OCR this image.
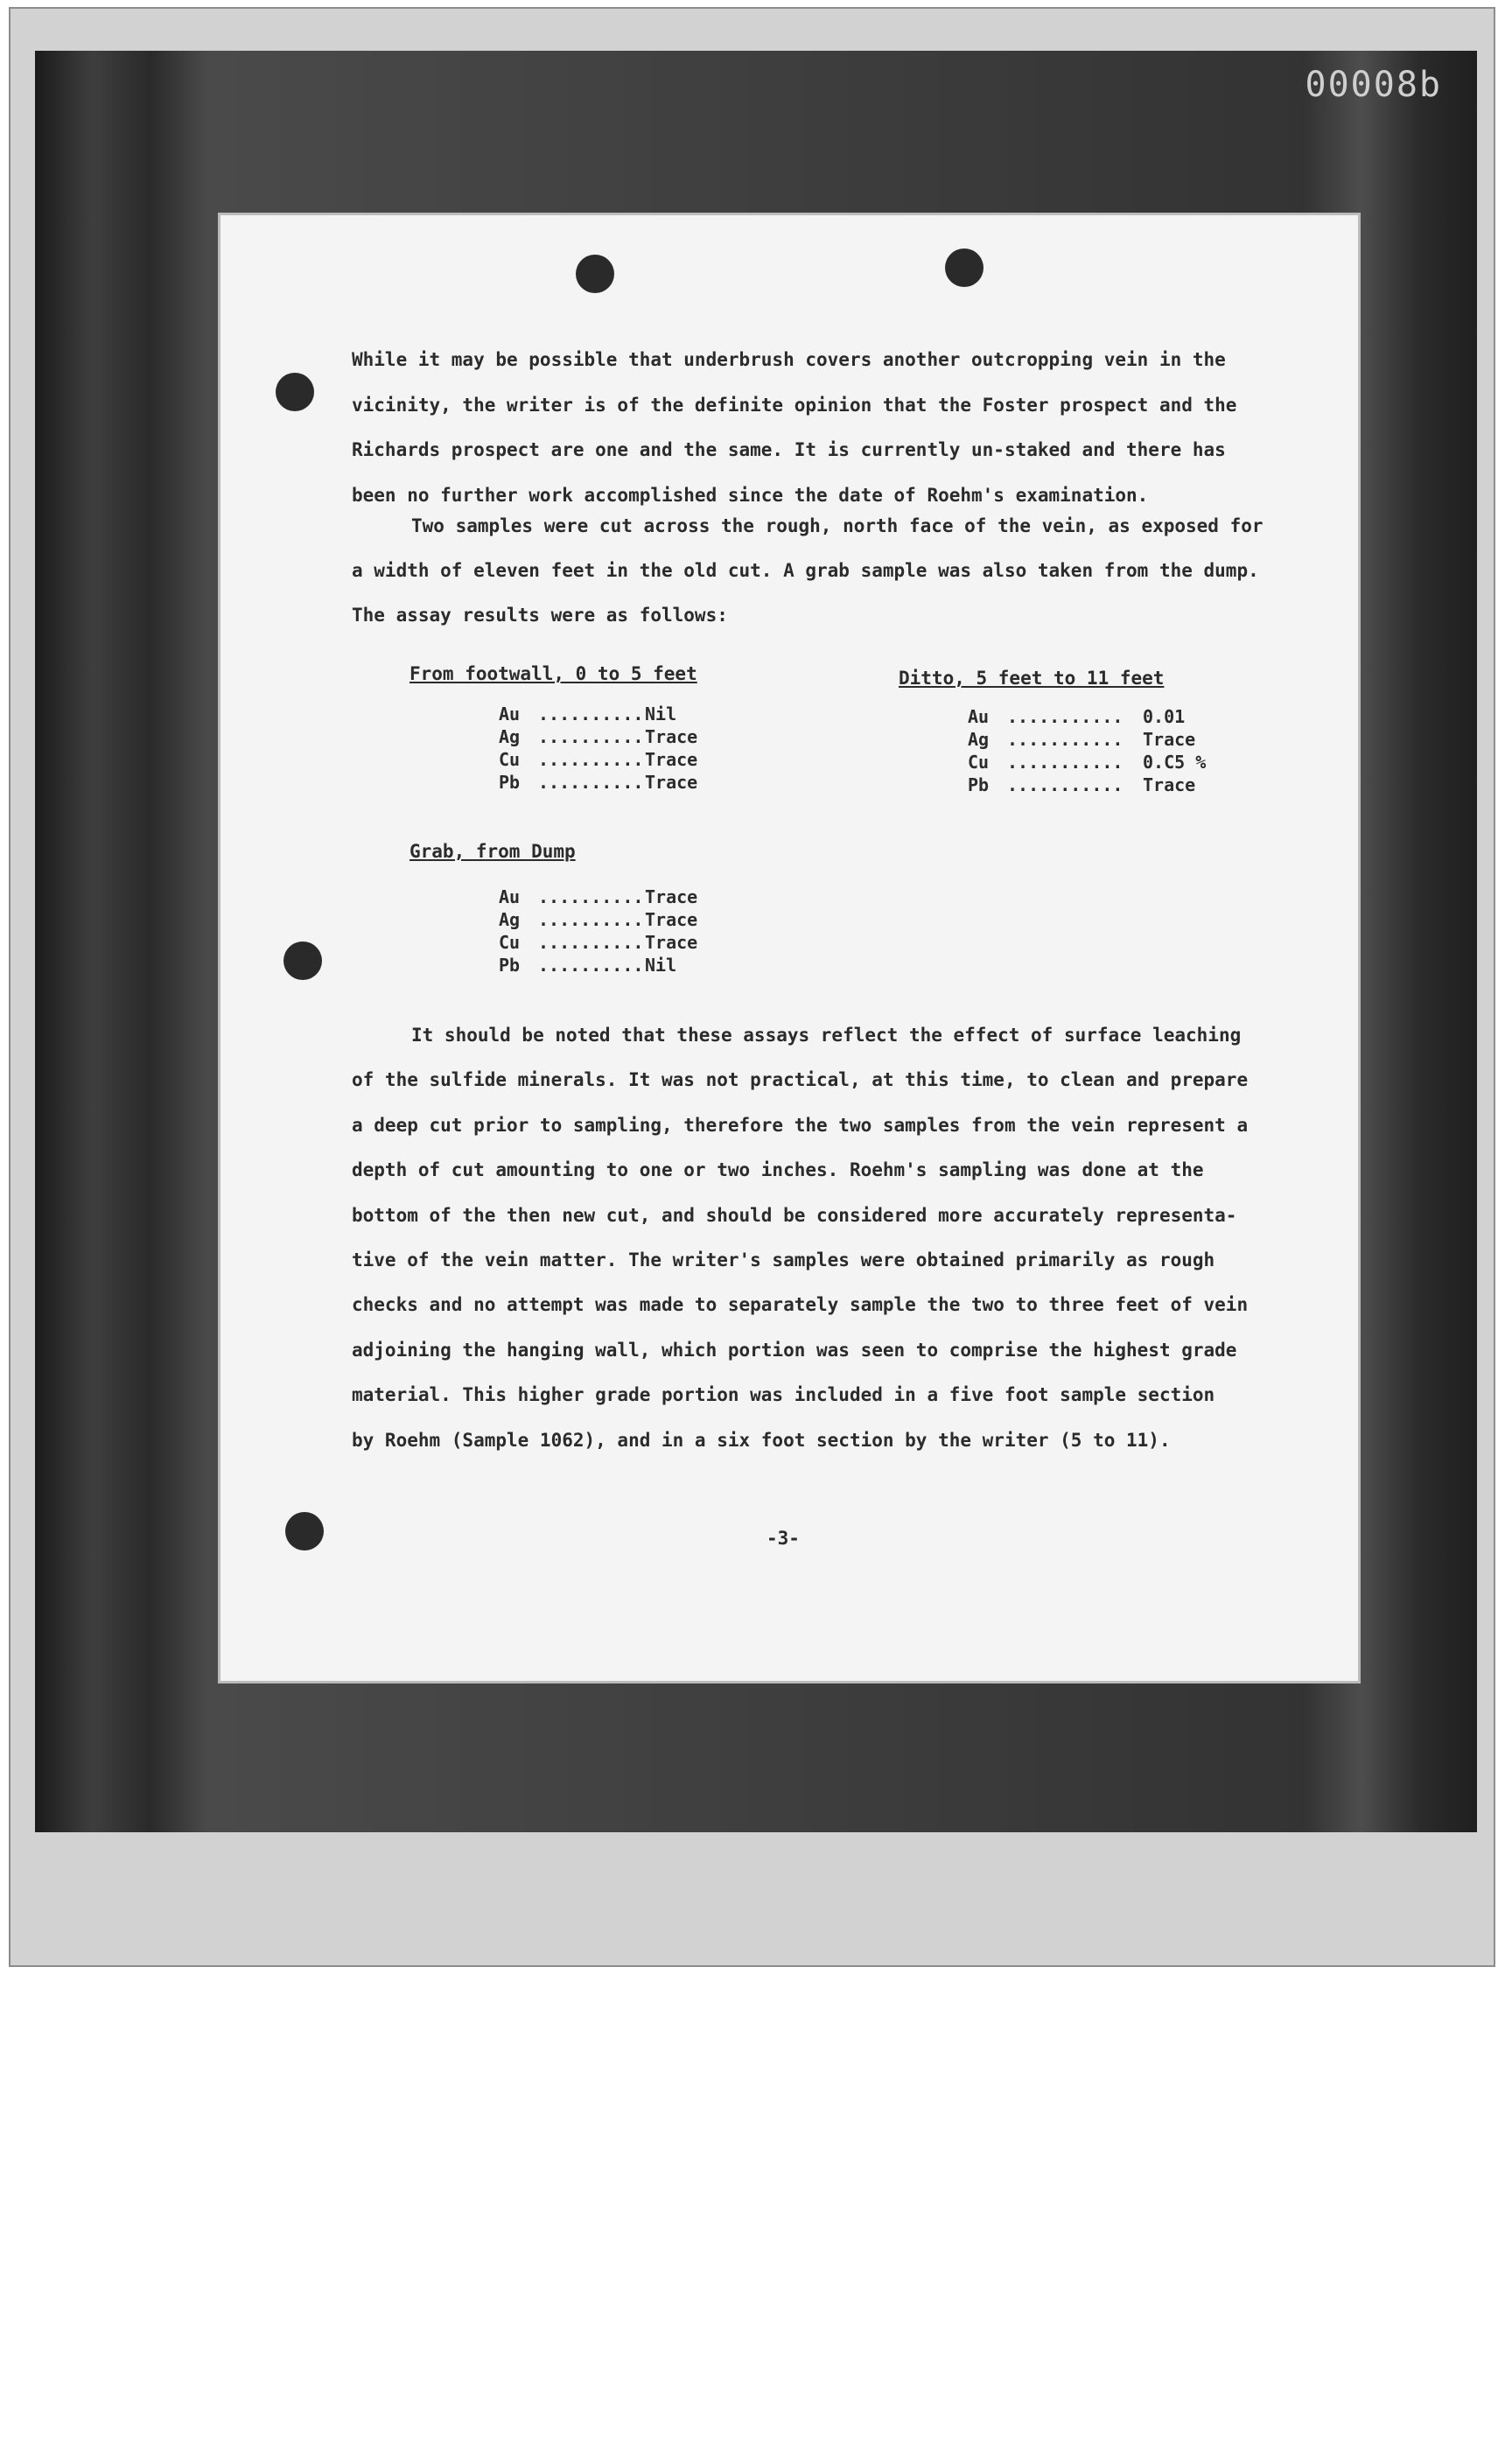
00008b
While it may be possible that underbrush covers another outcropping vein in the
vicinity, the writer is of the definite opinion that the Foster prospect and the
Richards prospect are one and the same. It is currently un-staked and there has
been no further work accomplished since the date of Roehm's examination.
Two samples were cut across the rough, north face of the vein, as exposed for
a width of eleven feet in the old cut. A grab sample was also taken from the dump.
The assay results were as follows:
From footwall, 0 to 5 feet
Au	.......... Nil
Ag	.......... Trace
Cu	.......... Trace
Pb	.......... Trace
Ditto, 5 feet to 11 feet
Au	...........	0.01
Ag	...........	Trace
Cu	...........	0.C5 %
Pb	...........	Trace
Grab, from Dump
Au	.......... Trace
Ag	.......... Trace
Cu	.......... Trace
Pb	.......... Nil
It should be noted that these assays reflect the effect of surface leaching
of the sulfide minerals. It was not practical, at this time, to clean and prepare
a deep cut prior to sampling, therefore the two samples from the vein represent a
depth of cut amounting to one or two inches. Roehm's sampling was done at the
bottom of the then new cut, and should be considered more accurately representa-
tive of the vein matter. The writer's samples were obtained primarily as rough
checks and no attempt was made to separately sample the two to three feet of vein
adjoining the hanging wall, which portion was seen to comprise the highest grade
material. This higher grade portion was included in a five foot sample section
by Roehm (Sample 1062), and in a six foot section by the writer (5 to 11).
-3-
